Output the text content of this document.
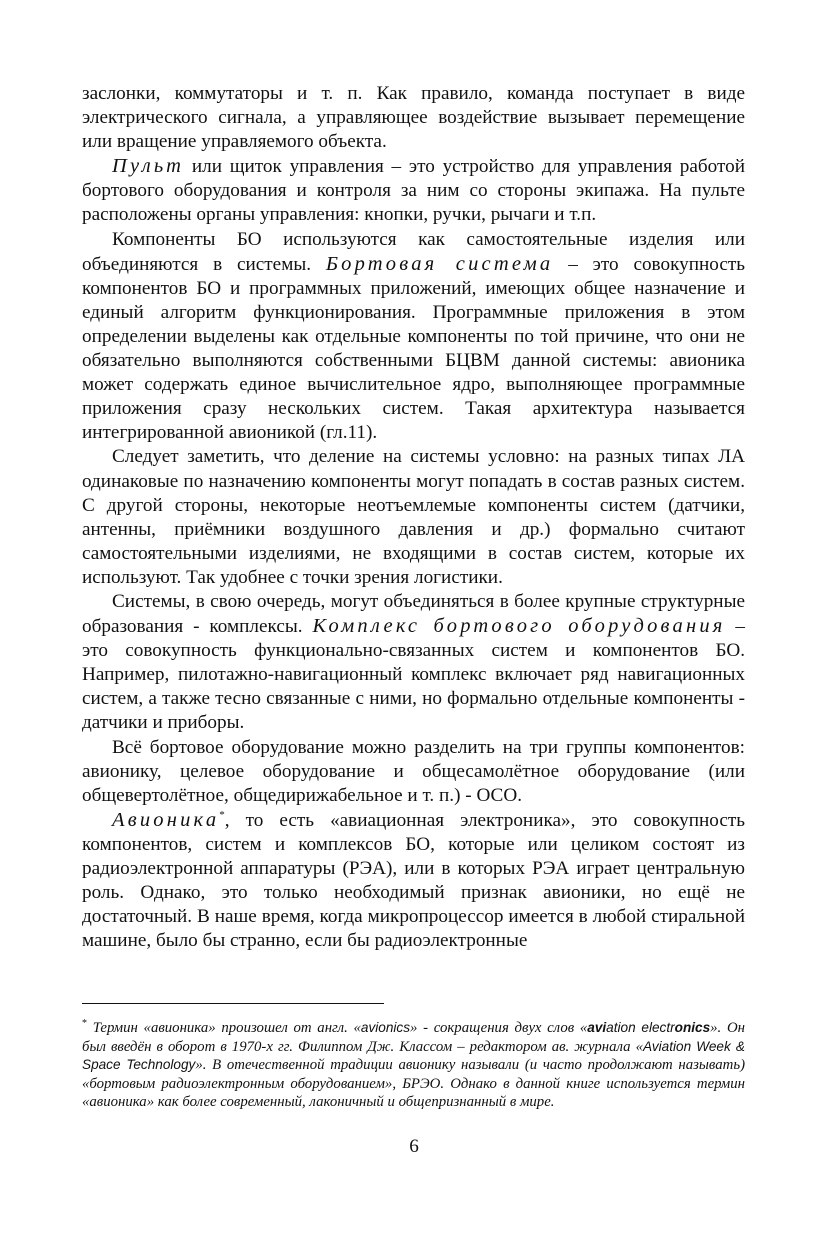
заслонки, коммутаторы и т. п. Как правило, команда поступает в виде электрического сигнала, а управляющее воздействие вызывает перемещение или вращение управляемого объекта.

Пульт или щиток управления – это устройство для управления работой бортового оборудования и контроля за ним со стороны экипажа. На пульте расположены органы управления: кнопки, ручки, рычаги и т.п.

Компоненты БО используются как самостоятельные изделия или объединяются в системы. Бортовая система – это совокупность компонентов БО и программных приложений, имеющих общее назначение и единый алгоритм функционирования. Программные приложения в этом определении выделены как отдельные компоненты по той причине, что они не обязательно выполняются собственными БЦВМ данной системы: авионика может содержать единое вычислительное ядро, выполняющее программные приложения сразу нескольких систем. Такая архитектура называется интегрированной авионикой (гл.11).

Следует заметить, что деление на системы условно: на разных типах ЛА одинаковые по назначению компоненты могут попадать в состав разных систем. С другой стороны, некоторые неотъемлемые компоненты систем (датчики, антенны, приёмники воздушного давления и др.) формально считают самостоятельными изделиями, не входящими в состав систем, которые их используют. Так удобнее с точки зрения логистики.

Системы, в свою очередь, могут объединяться в более крупные структурные образования - комплексы. Комплекс бортового оборудования – это совокупность функционально-связанных систем и компонентов БО. Например, пилотажно-навигационный комплекс включает ряд навигационных систем, а также тесно связанные с ними, но формально отдельные компоненты - датчики и приборы.

Всё бортовое оборудование можно разделить на три группы компонентов: авионику, целевое оборудование и общесамолётное оборудование (или общевертолётное, общедирижабельное и т. п.) - ОСО.

Авионика*, то есть «авиационная электроника», это совокупность компонентов, систем и комплексов БО, которые или целиком состоят из радиоэлектронной аппаратуры (РЭА), или в которых РЭА играет центральную роль. Однако, это только необходимый признак авионики, но ещё не достаточный. В наше время, когда микропроцессор имеется в любой стиральной машине, было бы странно, если бы радиоэлектронные

* Термин «авионика» произошел от англ. «avionics» - сокращения двух слов «aviation electronics». Он был введён в оборот в 1970-х гг. Филиппом Дж. Классом – редактором ав. журнала «Aviation Week & Space Technology». В отечественной традиции авионику называли (и часто продолжают называть) «бортовым радиоэлектронным оборудованием», БРЭО. Однако в данной книге используется термин «авионика» как более современный, лаконичный и общепризнанный в мире.

6
